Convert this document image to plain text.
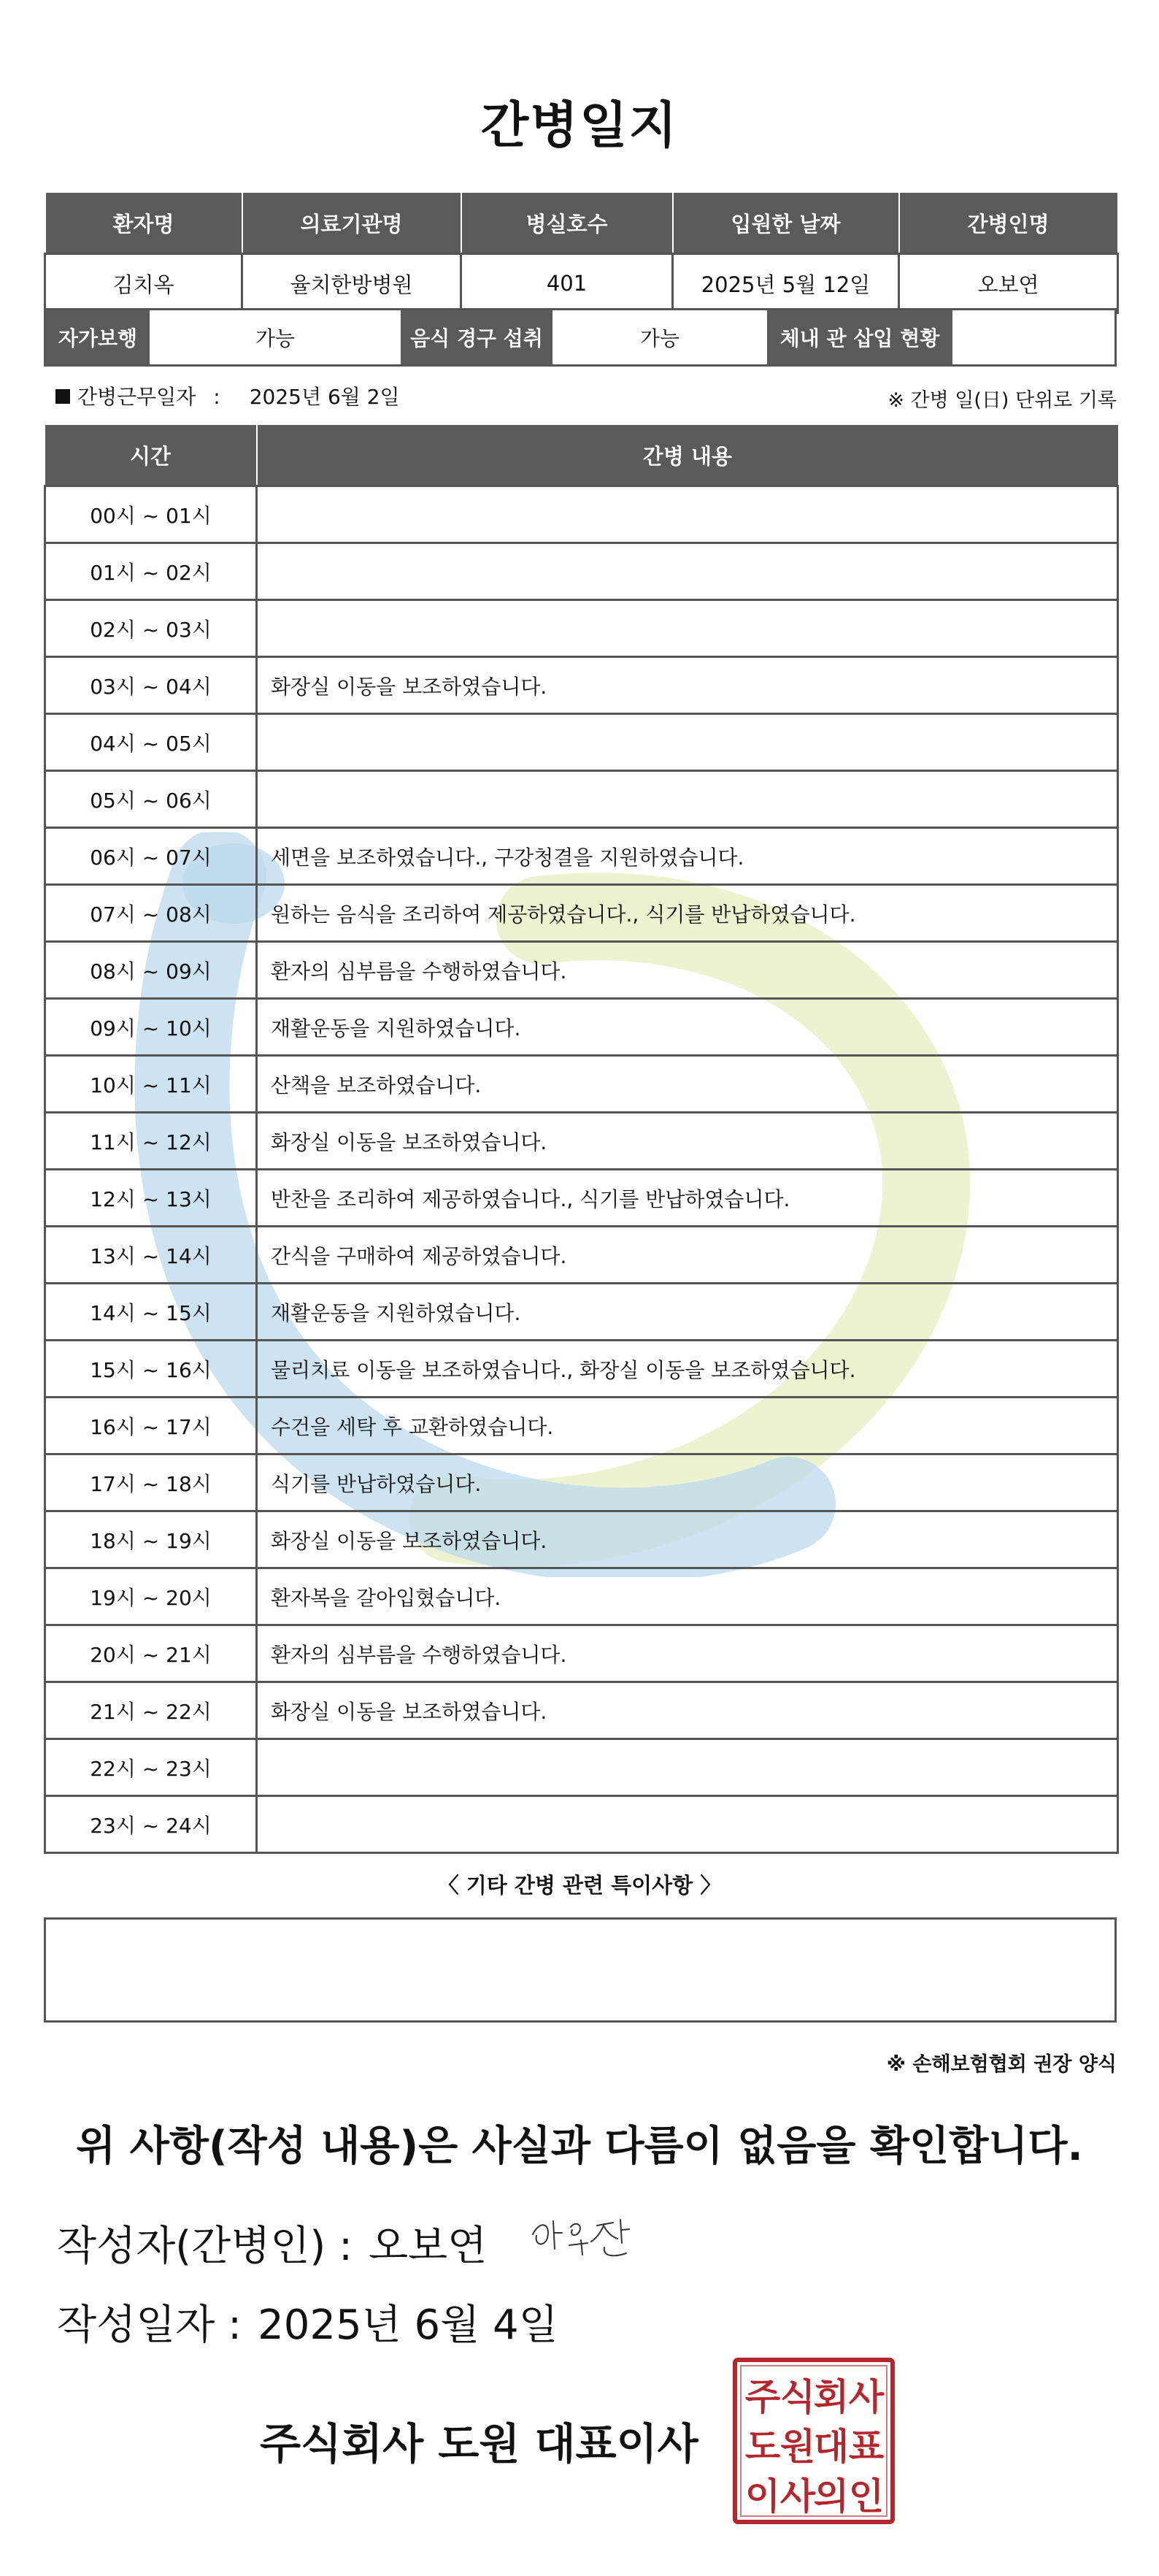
간병일지
환자명	의료기관명	병실호수	입원한 날짜	간병인명
김치옥	율치한방병원	401	2025년 5월 12일	오보연
자가보행	가능	음식 경구 섭취	가능	체내 관 삽입 현황
간병근무일자 : 2025년 6월 2일	※ 간병 일(日) 단위로 기록
시간	간병 내용
00시 ~ 01시	
01시 ~ 02시	
02시 ~ 03시	
03시 ~ 04시	화장실 이동을 보조하였습니다.
04시 ~ 05시	
05시 ~ 06시	
06시 ~ 07시	세면을 보조하였습니다., 구강청결을 지원하였습니다.
07시 ~ 08시	원하는 음식을 조리하여 제공하였습니다., 식기를 반납하였습니다.
08시 ~ 09시	환자의 심부름을 수행하였습니다.
09시 ~ 10시	재활운동을 지원하였습니다.
10시 ~ 11시	산책을 보조하였습니다.
11시 ~ 12시	화장실 이동을 보조하였습니다.
12시 ~ 13시	반찬을 조리하여 제공하였습니다., 식기를 반납하였습니다.
13시 ~ 14시	간식을 구매하여 제공하였습니다.
14시 ~ 15시	재활운동을 지원하였습니다.
15시 ~ 16시	물리치료 이동을 보조하였습니다., 화장실 이동을 보조하였습니다.
16시 ~ 17시	수건을 세탁 후 교환하였습니다.
17시 ~ 18시	식기를 반납하였습니다.
18시 ~ 19시	화장실 이동을 보조하였습니다.
19시 ~ 20시	환자복을 갈아입혔습니다.
20시 ~ 21시	환자의 심부름을 수행하였습니다.
21시 ~ 22시	화장실 이동을 보조하였습니다.
22시 ~ 23시	
23시 ~ 24시	
〈 기타 간병 관련 특이사항 〉
※ 손해보험협회 권장 양식
위 사항(작성 내용)은 사실과 다름이 없음을 확인합니다.
작성자(간병인) : 오보연
작성일자 : 2025년 6월 4일
주식회사 도원 대표이사
주 식
회 사
도 원
대 표
이 사
의 인
